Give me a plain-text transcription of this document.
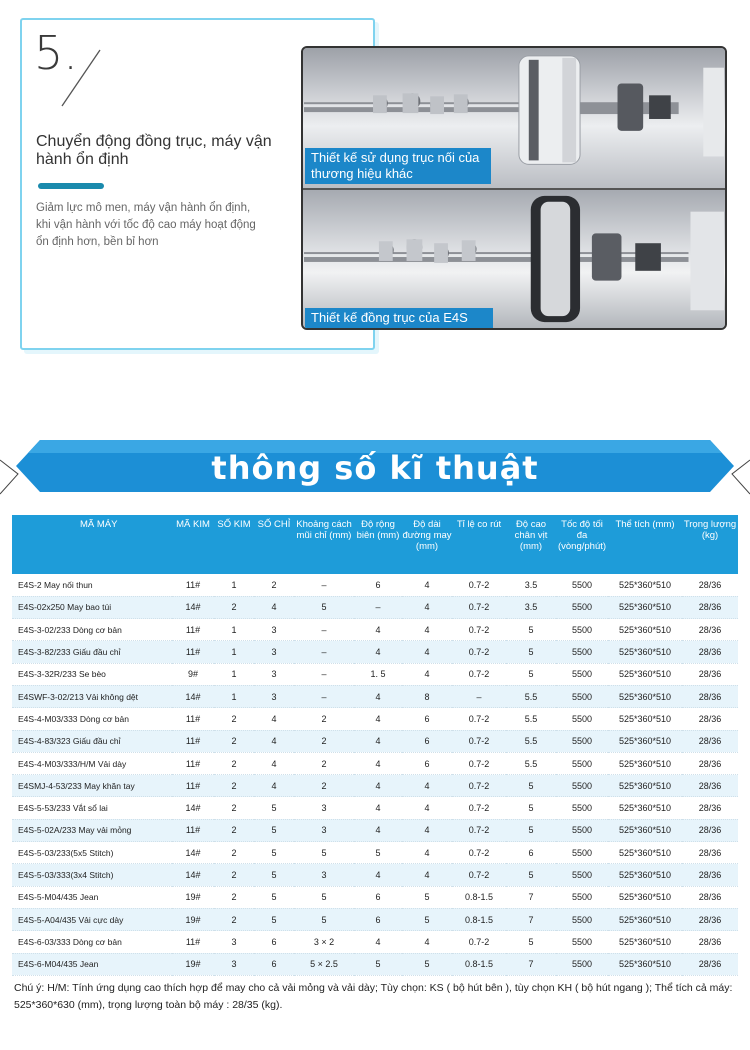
5.
Chuyển động đồng trục, máy vận hành ổn định
Giảm lực mô men, máy vận hành ổn định, khi vận hành với tốc độ cao máy hoạt động ổn định hơn, bền bỉ hơn
Thiết kế sử dụng trục nối của thương hiệu khác
Thiết kế đồng trục của E4S
thông số kĩ thuật
MÃ MÁY	MÃ KIM	SỐ KIM	SỐ CHỈ	Khoảng cách mũi chỉ (mm)	Độ rộng biên (mm)	Độ dài đường may (mm)	Tỉ lệ co rút	Độ cao chân vịt (mm)	Tốc độ tối đa (vòng/phút)	Thể tích (mm)	Trọng lượng (kg)
E4S-2 May nối thun	11#	1	2	–	6	4	0.7-2	3.5	5500	525*360*510	28/36
E4S-02x250 May bao túi	14#	2	4	5	–	4	0.7-2	3.5	5500	525*360*510	28/36
E4S-3-02/233 Dòng cơ bản	11#	1	3	–	4	4	0.7-2	5	5500	525*360*510	28/36
E4S-3-82/233 Giấu đầu chỉ	11#	1	3	–	4	4	0.7-2	5	5500	525*360*510	28/36
E4S-3-32R/233 Se bèo	9#	1	3	–	1. 5	4	0.7-2	5	5500	525*360*510	28/36
E4SWF-3-02/213 Vải không dệt	14#	1	3	–	4	8	–	5.5	5500	525*360*510	28/36
E4S-4-M03/333 Dòng cơ bản	11#	2	4	2	4	6	0.7-2	5.5	5500	525*360*510	28/36
E4S-4-83/323 Giấu đầu chỉ	11#	2	4	2	4	6	0.7-2	5.5	5500	525*360*510	28/36
E4S-4-M03/333/H/M Vải dày	11#	2	4	2	4	6	0.7-2	5.5	5500	525*360*510	28/36
E4SMJ-4-53/233 May khăn tay	11#	2	4	2	4	4	0.7-2	5	5500	525*360*510	28/36
E4S-5-53/233 Vắt sổ lai	14#	2	5	3	4	4	0.7-2	5	5500	525*360*510	28/36
E4S-5-02A/233 May vải mỏng	11#	2	5	3	4	4	0.7-2	5	5500	525*360*510	28/36
E4S-5-03/233(5x5 Stitch)	14#	2	5	5	5	4	0.7-2	6	5500	525*360*510	28/36
E4S-5-03/333(3x4 Stitch)	14#	2	5	3	4	4	0.7-2	5	5500	525*360*510	28/36
E4S-5-M04/435 Jean	19#	2	5	5	6	5	0.8-1.5	7	5500	525*360*510	28/36
E4S-5-A04/435 Vải cực dày	19#	2	5	5	6	5	0.8-1.5	7	5500	525*360*510	28/36
E4S-6-03/333 Dòng cơ bản	11#	3	6	3 × 2	4	4	0.7-2	5	5500	525*360*510	28/36
E4S-6-M04/435 Jean	19#	3	6	5 × 2.5	5	5	0.8-1.5	7	5500	525*360*510	28/36
Chú ý: H/M: Tính ứng dụng cao thích hợp để may cho cả vải mỏng và vải dày; Tùy chọn: KS ( bộ hút bên ), tùy chọn KH ( bộ hút ngang ); Thể tích cả máy: 525*360*630 (mm), trọng lượng toàn bộ máy : 28/35 (kg).
